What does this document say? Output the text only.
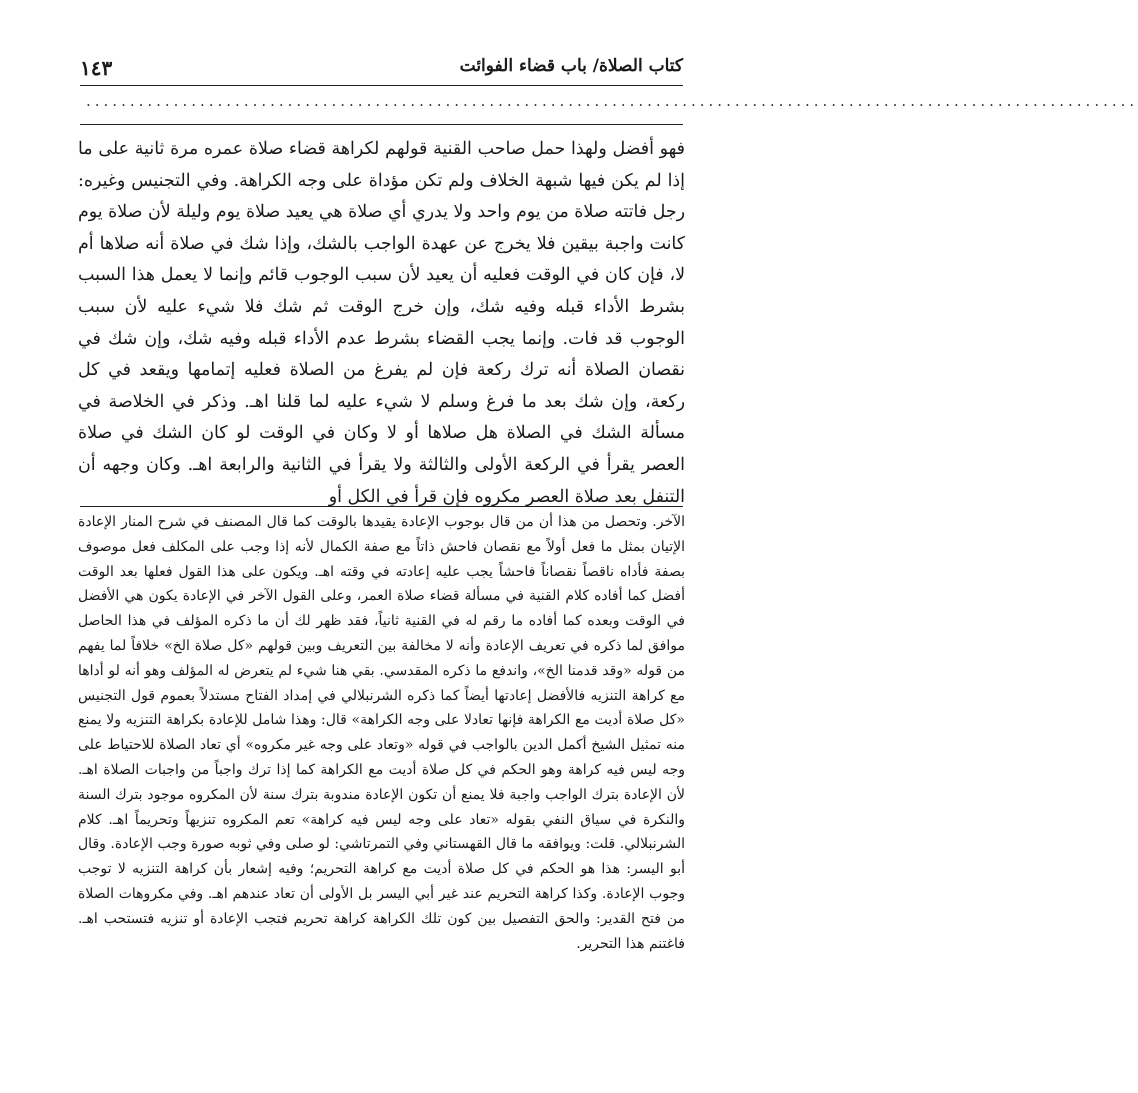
كتاب الصلاة/ باب قضاء الفوائت
١٤٣
........................................................................................................................

فهو أفضل ولهذا حمل صاحب القنية قولهم لكراهة قضاء صلاة عمره مرة ثانية على ما إذا لم يكن فيها شبهة الخلاف ولم تكن مؤداة على وجه الكراهة. وفي التجنيس وغيره: رجل فاتته صلاة من يوم واحد ولا يدري أي صلاة هي يعيد صلاة يوم وليلة لأن صلاة يوم كانت واجبة بيقين فلا يخرج عن عهدة الواجب بالشك، وإذا شك في صلاة أنه صلاها أم لا، فإن كان في الوقت فعليه أن يعيد لأن سبب الوجوب قائم وإنما لا يعمل هذا السبب بشرط الأداء قبله وفيه شك، وإن خرج الوقت ثم شك فلا شيء عليه لأن سبب الوجوب قد فات. وإنما يجب القضاء بشرط عدم الأداء قبله وفيه شك، وإن شك في نقصان الصلاة أنه ترك ركعة فإن لم يفرغ من الصلاة فعليه إتمامها ويقعد في كل ركعة، وإن شك بعد ما فرغ وسلم لا شيء عليه لما قلنا اهـ. وذكر في الخلاصة في مسألة الشك في الصلاة هل صلاها أو لا وكان في الوقت لو كان الشك في صلاة العصر يقرأ في الركعة الأولى والثالثة ولا يقرأ في الثانية والرابعة اهـ. وكان وجهه أن التنفل بعد صلاة العصر مكروه فإن قرأ في الكل أو

الآخر. وتحصل من هذا أن من قال بوجوب الإعادة يقيدها بالوقت كما قال المصنف في شرح المنار الإعادة الإتيان بمثل ما فعل أولاً مع نقصان فاحش ذاتاً مع صفة الكمال لأنه إذا وجب على المكلف فعل موصوف بصفة فأداه ناقصاً نقصاناً فاحشاً يجب عليه إعادته في وقته اهـ. ويكون على هذا القول فعلها بعد الوقت أفضل كما أفاده كلام القنية في مسألة قضاء صلاة العمر، وعلى القول الآخر في الإعادة يكون هي الأفضل في الوقت وبعده كما أفاده ما رقم له في القنية ثانياً، فقد ظهر لك أن ما ذكره المؤلف في هذا الحاصل موافق لما ذكره في تعريف الإعادة وأنه لا مخالفة بين التعريف وبين قولهم «كل صلاة الخ» خلافاً لما يفهم من قوله «وقد قدمنا الخ»، واندفع ما ذكره المقدسي. بقي هنا شيء لم يتعرض له المؤلف وهو أنه لو أداها مع كراهة التنزيه فالأفضل إعادتها أيضاً كما ذكره الشرنبلالي في إمداد الفتاح مستدلاً بعموم قول التجنيس «كل صلاة أديت مع الكراهة فإنها تعادلا على وجه الكراهة» قال: وهذا شامل للإعادة بكراهة التنزيه ولا يمنع منه تمثيل الشيخ أكمل الدين بالواجب في قوله «وتعاد على وجه غير مكروه» أي تعاد الصلاة للاحتياط على وجه ليس فيه كراهة وهو الحكم في كل صلاة أديت مع الكراهة كما إذا ترك واجباً من واجبات الصلاة اهـ. لأن الإعادة بترك الواجب واجبة فلا يمنع أن تكون الإعادة مندوبة بترك سنة لأن المكروه موجود بترك السنة والنكرة في سياق النفي بقوله «تعاد على وجه ليس فيه كراهة» تعم المكروه تنزيهاً وتحريماً اهـ. كلام الشرنبلالي. قلت: ويوافقه ما قال القهستاني وفي التمرتاشي: لو صلى وفي ثوبه صورة وجب الإعادة. وقال أبو اليسر: هذا هو الحكم في كل صلاة أديت مع كراهة التحريم؛ وفيه إشعار بأن كراهة التنزيه لا توجب وجوب الإعادة. وكذا كراهة التحريم عند غير أبي اليسر بل الأولى أن تعاد عندهم اهـ. وفي مكروهات الصلاة من فتح القدير: والحق التفصيل بين كون تلك الكراهة كراهة تحريم فتجب الإعادة أو تنزيه فتستحب اهـ. فاغتنم هذا التحرير.
